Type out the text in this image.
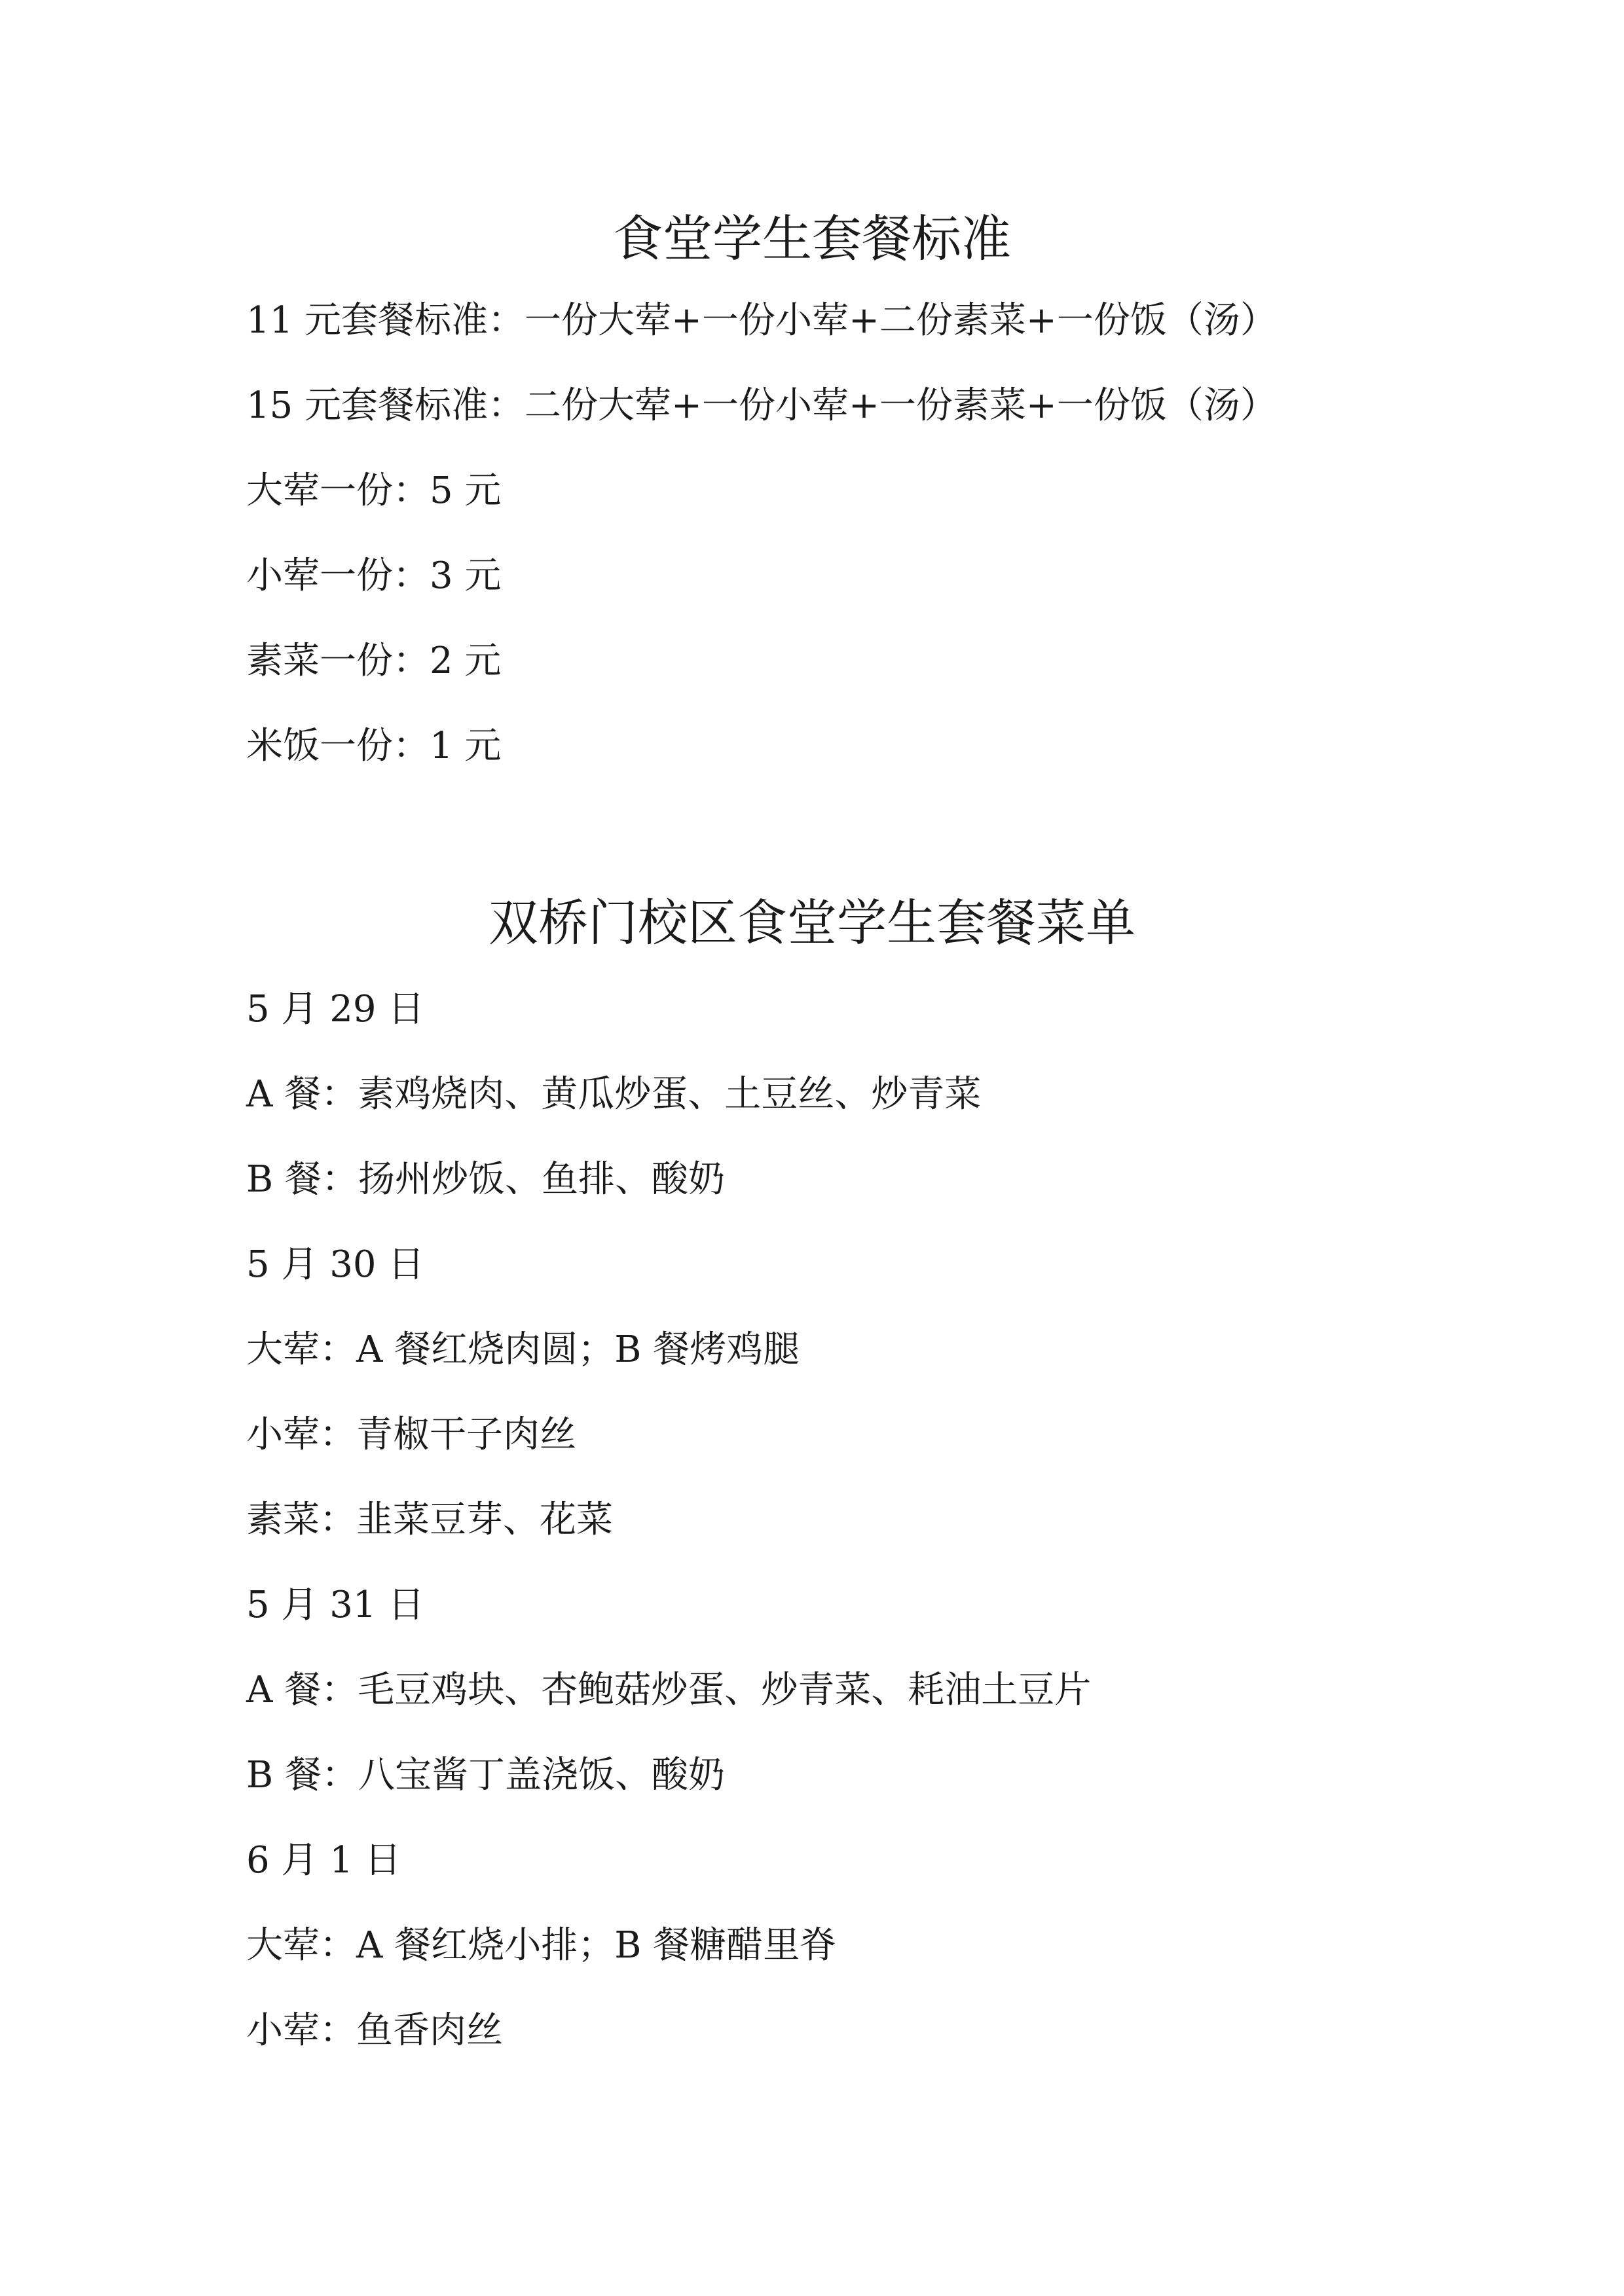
食堂学生套餐标准
11 元套餐标准：一份大荤+一份小荤+二份素菜+一份饭（汤）
15 元套餐标准：二份大荤+一份小荤+一份素菜+一份饭（汤）
大荤一份：5 元
小荤一份：3 元
素菜一份：2 元
米饭一份：1 元
双桥门校区食堂学生套餐菜单
5 月 29 日
A 餐：素鸡烧肉、黄瓜炒蛋、土豆丝、炒青菜
B 餐：扬州炒饭、鱼排、酸奶
5 月 30 日
大荤：A 餐红烧肉圆；B 餐烤鸡腿
小荤：青椒干子肉丝
素菜：韭菜豆芽、花菜
5 月 31 日
A 餐：毛豆鸡块、杏鲍菇炒蛋、炒青菜、耗油土豆片
B 餐：八宝酱丁盖浇饭、酸奶
6 月 1 日
大荤：A 餐红烧小排；B 餐糖醋里脊
小荤：鱼香肉丝
